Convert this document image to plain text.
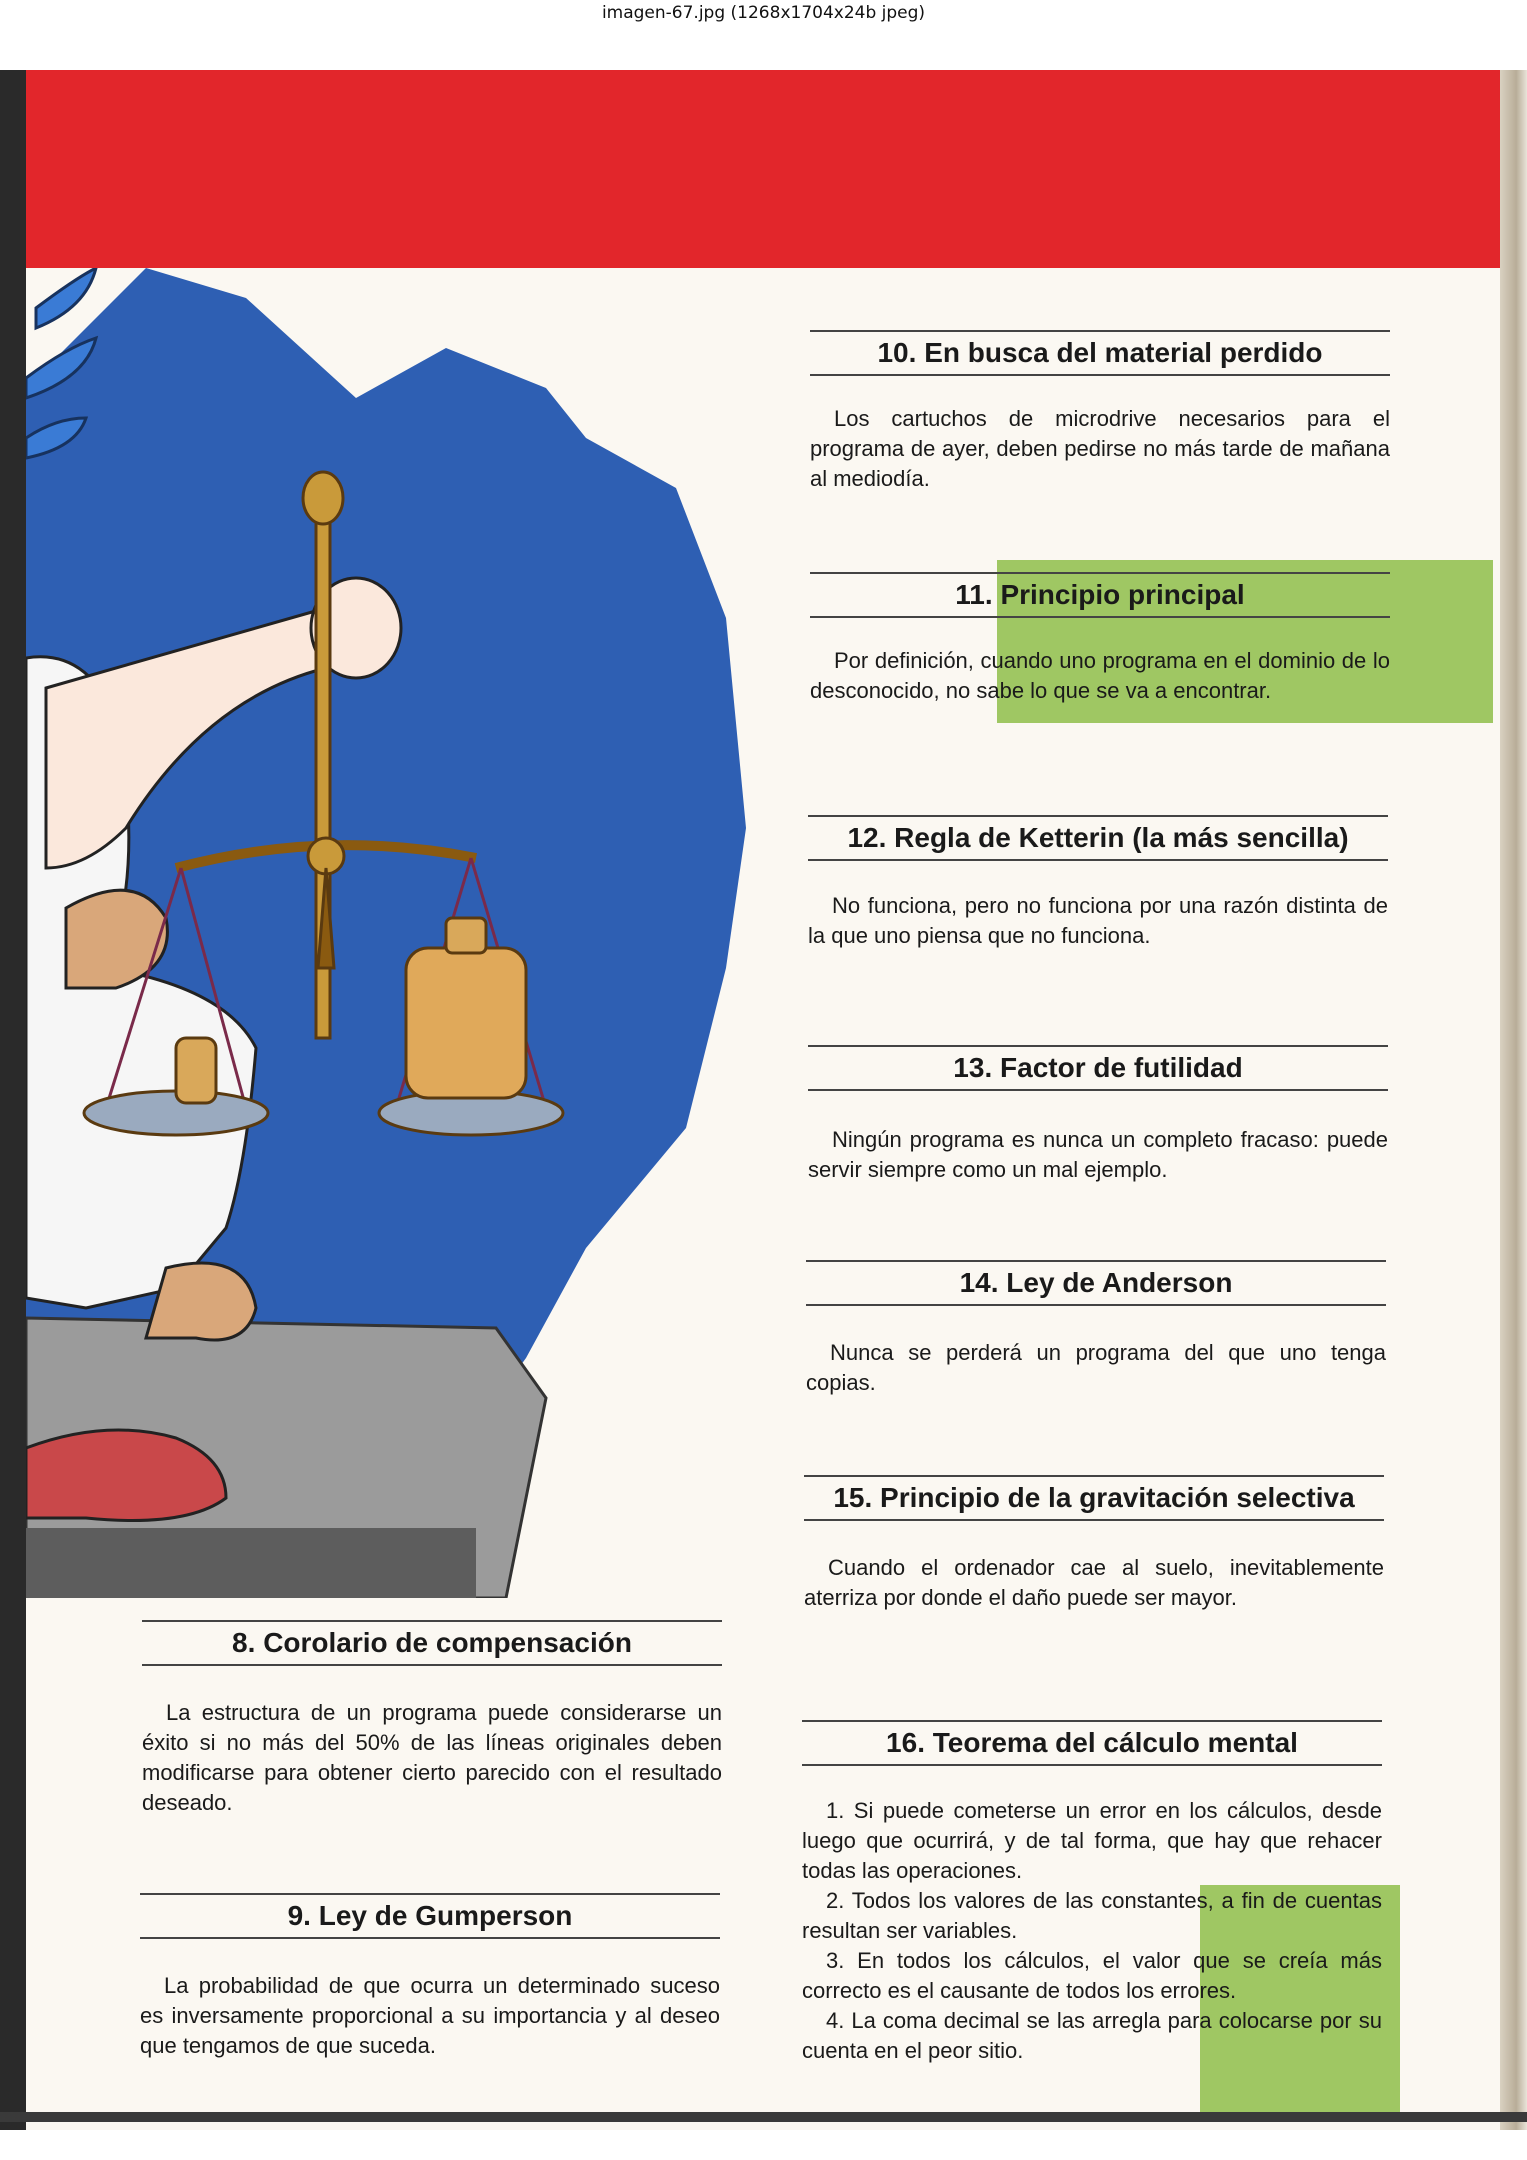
imagen-67.jpg (1268x1704x24b jpeg)
10. En busca del material perdido

Los cartuchos de microdrive necesarios para el programa de ayer, deben pedirse no más tarde de mañana al mediodía.

11. Principio principal

Por definición, cuando uno programa en el dominio de lo desconocido, no sabe lo que se va a encontrar.

12. Regla de Ketterin (la más sencilla)

No funciona, pero no funciona por una razón distinta de la que uno piensa que no funciona.

13. Factor de futilidad

Ningún programa es nunca un completo fracaso: puede servir siempre como un mal ejemplo.

14. Ley de Anderson

Nunca se perderá un programa del que uno tenga copias.

15. Principio de la gravitación selectiva

Cuando el ordenador cae al suelo, inevitablemente aterriza por donde el daño puede ser mayor.

16. Teorema del cálculo mental

1. Si puede cometerse un error en los cálculos, desde luego que ocurrirá, y de tal forma, que hay que rehacer todas las operaciones.

2. Todos los valores de las constantes, a fin de cuentas resultan ser variables.

3. En todos los cálculos, el valor que se creía más correcto es el causante de todos los errores.

4. La coma decimal se las arregla para colocarse por su cuenta en el peor sitio.

8. Corolario de compensación

La estructura de un programa puede considerarse un éxito si no más del 50% de las líneas originales deben modificarse para obtener cierto parecido con el resultado deseado.

9. Ley de Gumperson

La probabilidad de que ocurra un determinado suceso es inversamente proporcional a su importancia y al deseo que tengamos de que suceda.
